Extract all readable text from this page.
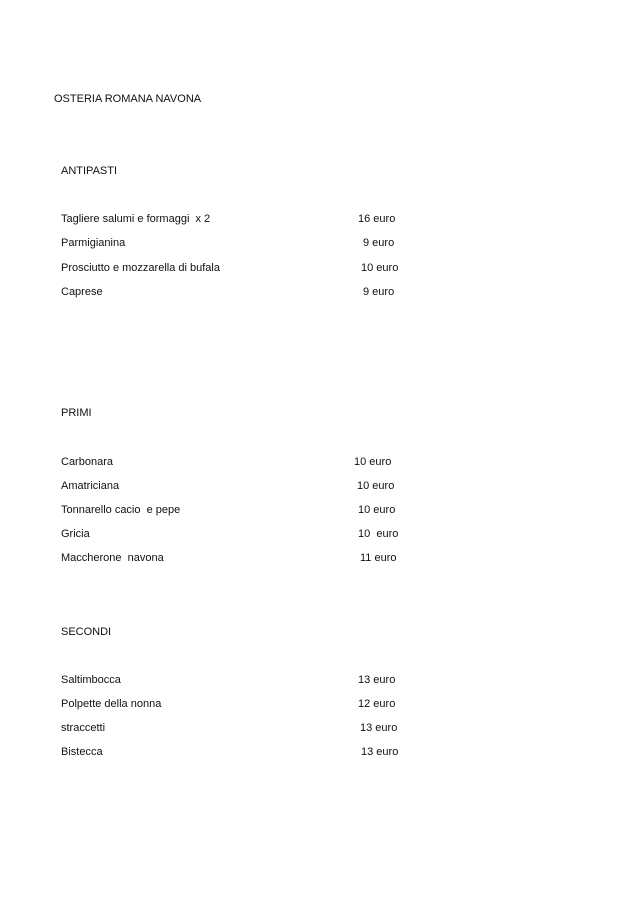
OSTERIA ROMANA NAVONA
ANTIPASTI
Tagliere salumi e formaggi  x 2	16 euro
Parmigianina	9 euro
Prosciutto e mozzarella di bufala	10 euro
Caprese	9 euro
PRIMI
Carbonara	10 euro
Amatriciana	10 euro
Tonnarello cacio  e pepe	10 euro
Gricia	10  euro
Maccherone  navona	11 euro
SECONDI
Saltimbocca	13 euro
Polpette della nonna	12 euro
straccetti	13 euro
Bistecca	13 euro
